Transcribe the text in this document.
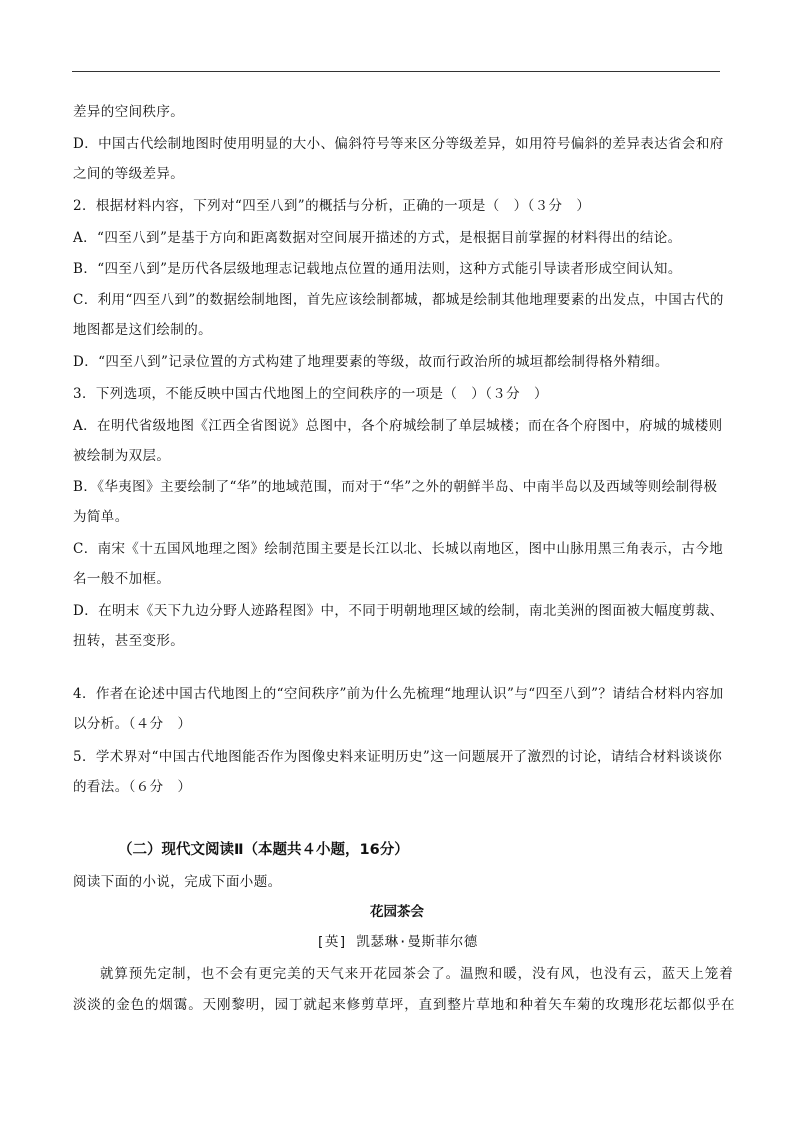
差异的空间秩序。
D．中国古代绘制地图时使用明显的大小、偏斜符号等来区分等级差异，如用符号偏斜的差异表达省会和府
之间的等级差异。
2．根据材料内容，下列对“四至八到”的概括与分析，正确的一项是（　）（３分　）
A．“四至八到”是基于方向和距离数据对空间展开描述的方式，是根据目前掌握的材料得出的结论。
B．“四至八到”是历代各层级地理志记载地点位置的通用法则，这种方式能引导读者形成空间认知。
C．利用“四至八到”的数据绘制地图，首先应该绘制都城，都城是绘制其他地理要素的出发点，中国古代的
地图都是这们绘制的。
D．“四至八到”记录位置的方式构建了地理要素的等级，故而行政治所的城垣都绘制得格外精细。
3．下列选项，不能反映中国古代地图上的空间秩序的一项是（　）（３分　）
A．在明代省级地图《江西全省图说》总图中，各个府城绘制了单层城楼；而在各个府图中，府城的城楼则
被绘制为双层。
B．《华夷图》主要绘制了“华”的地域范围，而对于“华”之外的朝鲜半岛、中南半岛以及西域等则绘制得极
为简单。
C．南宋《十五国风地理之图》绘制范围主要是长江以北、长城以南地区，图中山脉用黑三角表示，古今地
名一般不加框。
D．在明末《天下九边分野人迹路程图》中，不同于明朝地理区域的绘制，南北美洲的图面被大幅度剪裁、
扭转，甚至变形。
4．作者在论述中国古代地图上的“空间秩序”前为什么先梳理“地理认识”与“四至八到”？请结合材料内容加
以分析。（４分　）
5．学术界对“中国古代地图能否作为图像史料来证明历史”这一问题展开了激烈的讨论，请结合材料谈谈你
的看法。（６分　）
（二）现代文阅读Ⅱ（本题共４小题，16分）
阅读下面的小说，完成下面小题。
花园茶会
[英] 凯瑟琳·曼斯菲尔德
就算预先定制，也不会有更完美的天气来开花园茶会了。温煦和暖，没有风，也没有云，蓝天上笼着
淡淡的金色的烟霭。天刚黎明，园丁就起来修剪草坪，直到整片草地和种着矢车菊的玫瑰形花坛都似乎在
